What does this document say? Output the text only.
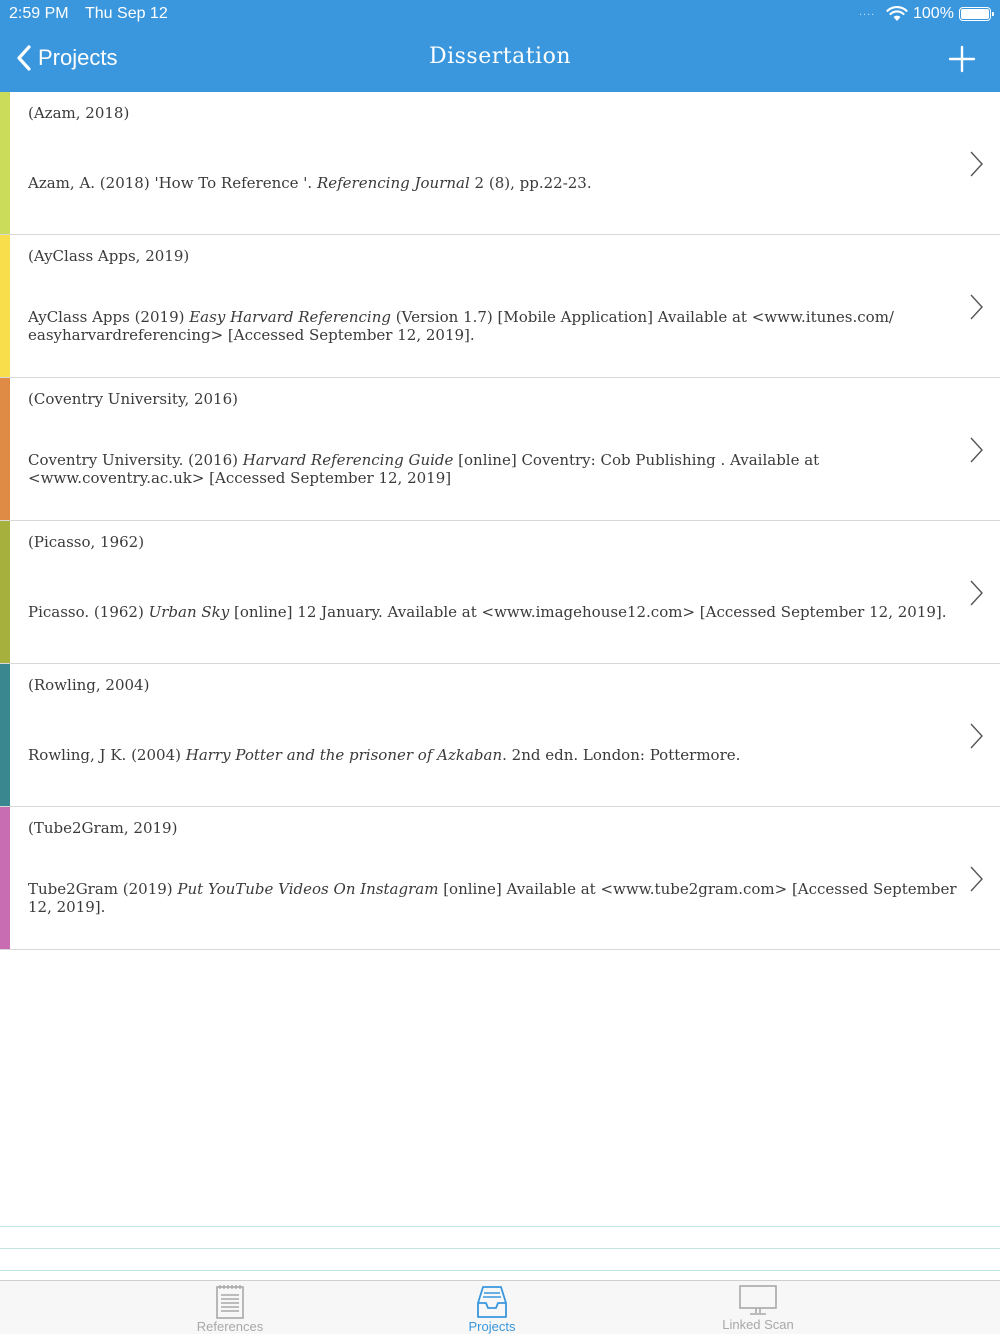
2:59 PM Thu Sep 12	.... 100%
Projects	Dissertation
(Azam, 2018)
Azam, A. (2018) 'How To Reference '. Referencing Journal 2 (8), pp.22-23.
(AyClass Apps, 2019)
AyClass Apps (2019) Easy Harvard Referencing (Version 1.7) [Mobile Application] Available at <www.itunes.com/ easyharvardreferencing> [Accessed September 12, 2019].
(Coventry University, 2016)
Coventry University. (2016) Harvard Referencing Guide [online] Coventry: Cob Publishing . Available at <www.coventry.ac.uk> [Accessed September 12, 2019]
(Picasso, 1962)
Picasso. (1962) Urban Sky [online] 12 January. Available at <www.imagehouse12.com> [Accessed September 12, 2019].
(Rowling, 2004)
Rowling, J K. (2004) Harry Potter and the prisoner of Azkaban. 2nd edn. London: Pottermore.
(Tube2Gram, 2019)
Tube2Gram (2019) Put YouTube Videos On Instagram [online] Available at <www.tube2gram.com> [Accessed September 12, 2019].
References	Projects	Linked Scan
